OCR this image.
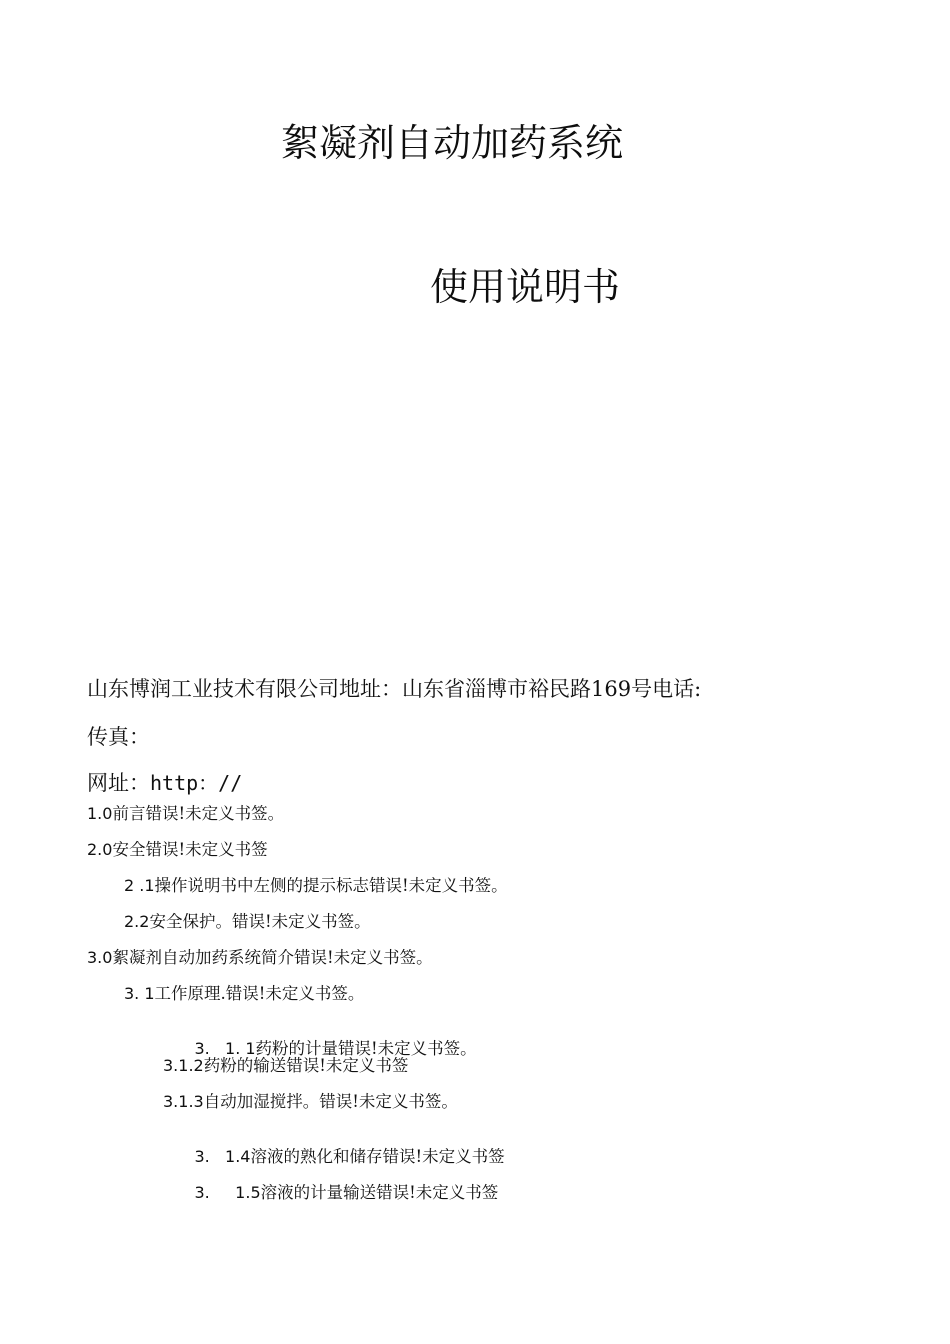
絮凝剂自动加药系统
使用说明书
山东博润工业技术有限公司地址：山东省淄博市裕民路169号电话:
传真：
网址：http：//
1.0前言错误!未定义书签。
2.0安全错误!未定义书签
2 .1操作说明书中左侧的提示标志错误!未定义书签。
2.2安全保护。错误!未定义书签。
3.0絮凝剂自动加药系统简介错误!未定义书签。
3. 1工作原理.错误!未定义书签。

3.   1. 1药粉的计量错误!未定义书签。

3.1.2药粉的输送错误!未定义书签
3.1.3自动加湿搅拌。错误!未定义书签。

3.   1.4溶液的熟化和储存错误!未定义书签

3.     1.5溶液的计量输送错误!未定义书签
